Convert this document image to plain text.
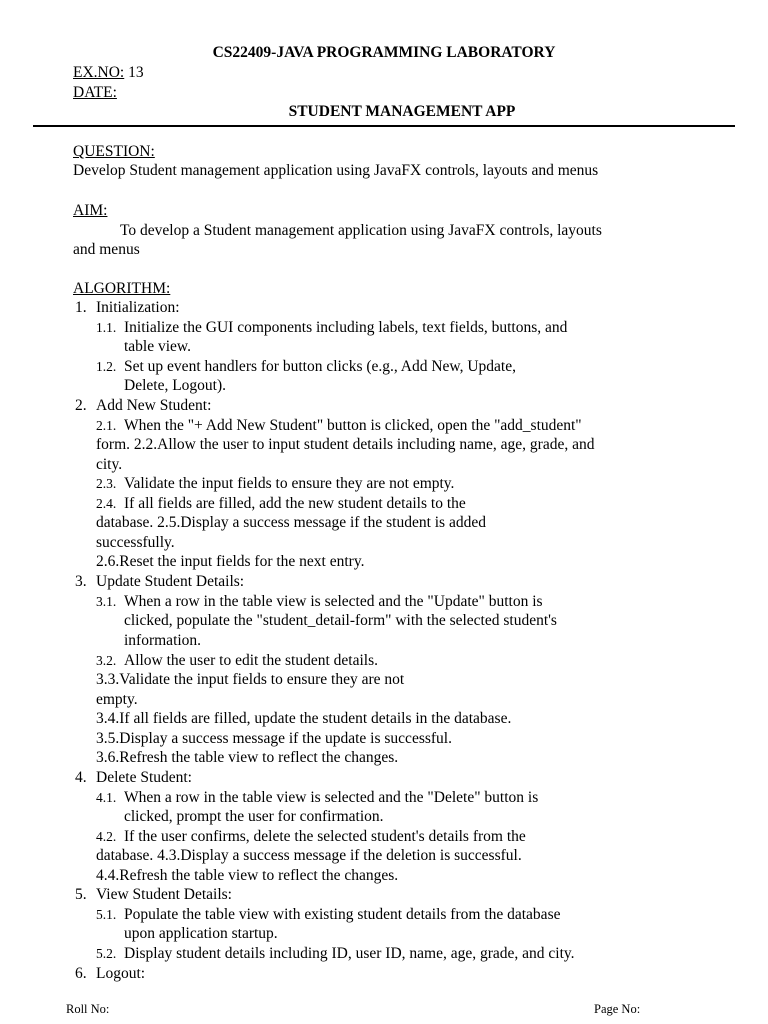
CS22409-JAVA PROGRAMMING LABORATORY
EX.NO: 13
DATE:
STUDENT MANAGEMENT APP
QUESTION:
Develop Student management application using JavaFX controls, layouts and menus
AIM:
To develop a Student management application using JavaFX controls, layouts
and menus
ALGORITHM:
1. Initialization:
1.1. Initialize the GUI components including labels, text fields, buttons, and
table view.
1.2. Set up event handlers for button clicks (e.g., Add New, Update,
Delete, Logout).
2. Add New Student:
2.1. When the "+ Add New Student" button is clicked, open the "add_student"
form. 2.2.Allow the user to input student details including name, age, grade, and
city.
2.3. Validate the input fields to ensure they are not empty.
2.4. If all fields are filled, add the new student details to the
database. 2.5.Display a success message if the student is added
successfully.
2.6.Reset the input fields for the next entry.
3. Update Student Details:
3.1. When a row in the table view is selected and the "Update" button is
clicked, populate the "student_detail-form" with the selected student's
information.
3.2. Allow the user to edit the student details.
3.3.Validate the input fields to ensure they are not
empty.
3.4.If all fields are filled, update the student details in the database.
3.5.Display a success message if the update is successful.
3.6.Refresh the table view to reflect the changes.
4. Delete Student:
4.1. When a row in the table view is selected and the "Delete" button is
clicked, prompt the user for confirmation.
4.2. If the user confirms, delete the selected student's details from the
database. 4.3.Display a success message if the deletion is successful.
4.4.Refresh the table view to reflect the changes.
5. View Student Details:
5.1. Populate the table view with existing student details from the database
upon application startup.
5.2. Display student details including ID, user ID, name, age, grade, and city.
6. Logout:
Roll No:	Page No:
